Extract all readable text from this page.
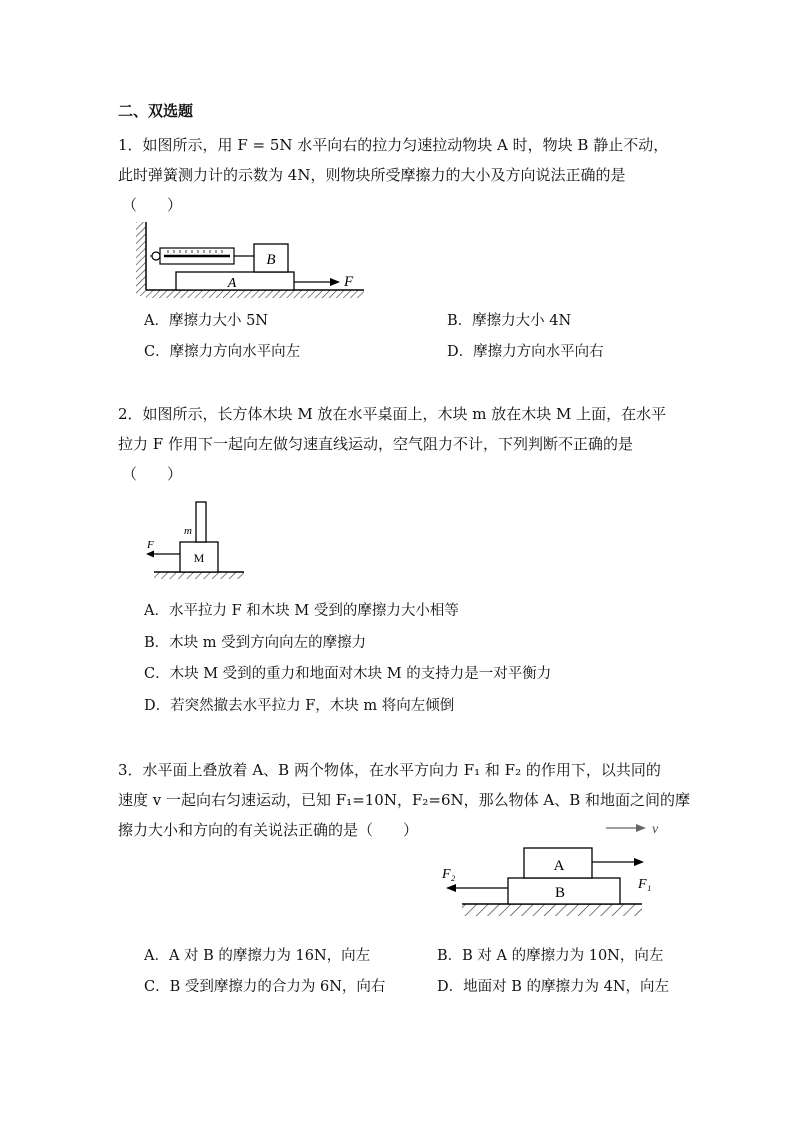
二、双选题
1．如图所示，用 F = 5N 水平向右的拉力匀速拉动物块 A 时，物块 B 静止不动，
此时弹簧测力计的示数为 4N，则物块所受摩擦力的大小及方向说法正确的是
（　　）
A
B
F
A．摩擦力大小 5N	B．摩擦力大小 4N
C．摩擦力方向水平向左	D．摩擦力方向水平向右
2．如图所示，长方体木块 M 放在水平桌面上，木块 m 放在木块 M 上面，在水平
拉力 F 作用下一起向左做匀速直线运动，空气阻力不计，下列判断不正确的是
（　　）
M
m
F
A．水平拉力 F 和木块 M 受到的摩擦力大小相等
B．木块 m 受到方向向左的摩擦力
C．木块 M 受到的重力和地面对木块 M 的支持力是一对平衡力
D．若突然撤去水平拉力 F，木块 m 将向左倾倒
3．水平面上叠放着 A、B 两个物体，在水平方向力 F₁ 和 F₂ 的作用下，以共同的
速度 v 一起向右匀速运动，已知 F₁=10N，F₂=6N，那么物体 A、B 和地面之间的摩
擦力大小和方向的有关说法正确的是（　　）	v
B
A
F₁
F₂
A．A 对 B 的摩擦力为 16N，向左	B．B 对 A 的摩擦力为 10N，向左
C．B 受到摩擦力的合力为 6N，向右	D．地面对 B 的摩擦力为 4N，向左
